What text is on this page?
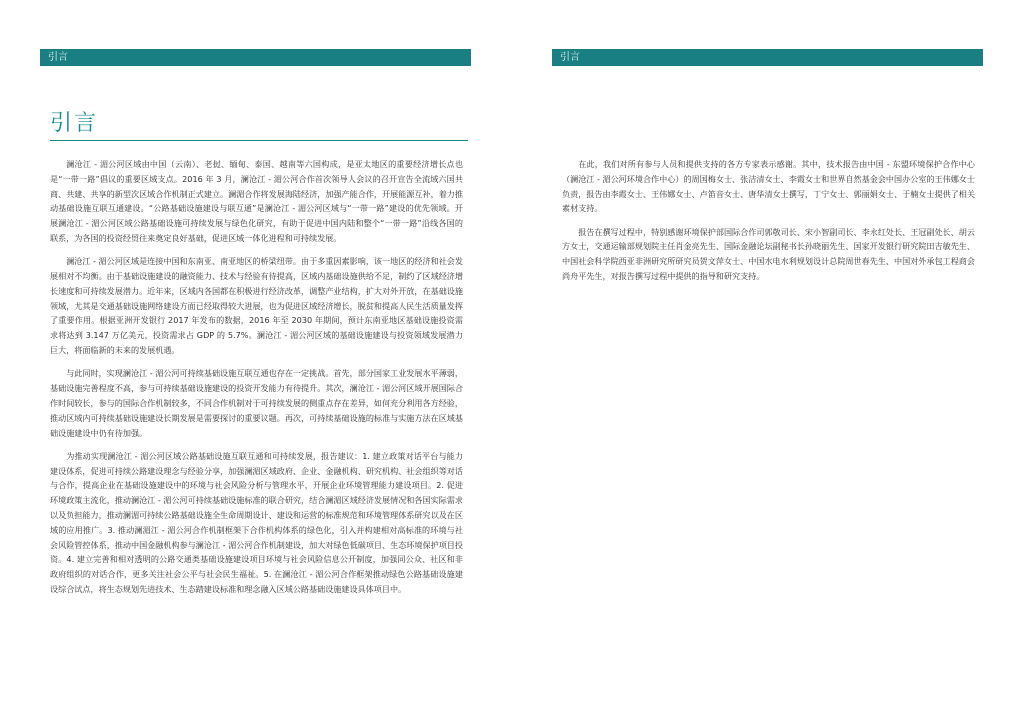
引言
引言

澜沧江 - 湄公河区域由中国（云南）、老挝、缅甸、泰国、越南等六国构成，是亚太地区的重要经济增长点也是“一带一路”倡议的重要区域支点。2016 年 3 月，澜沧江 - 湄公河合作首次领导人会议的召开宣告全流域六国共商、共建、共享的新型次区域合作机制正式建立。澜湄合作将发展海陆经济，加强产能合作，开展能源互补，着力推动基础设施互联互通建设。“公路基础设施建设与联互通”是澜沧江 - 湄公河区域与“一带一路”建设的优先领域。开展澜沧江 - 湄公河区域公路基础设施可持续发展与绿色化研究，有助于促进中国内陆和整个“一带一路”沿线各国的联系，为各国的投资经贸往来奠定良好基础，促进区域一体化进程和可持续发展。

澜沧江 - 湄公河区域是连接中国和东南亚、南亚地区的桥梁纽带。由于多重因素影响，该一地区的经济和社会发展相对不均衡。由于基础设施建设的融资能力、技术与经验有待提高，区域内基础设施供给不足，制约了区域经济增长速度和可持续发展潜力。近年来，区域内各国都在积极进行经济改革，调整产业结构，扩大对外开放，在基础设施领域，尤其是交通基础设施网络建设方面已经取得较大进展，也为促进区域经济增长，脱贫和提高人民生活质量发挥了重要作用。根据亚洲开发银行 2017 年发布的数据，2016 年至 2030 年期间，预计东南亚地区基础设施投资需求将达到 3.147 万亿美元，投资需求占 GDP 的 5.7%。澜沧江 - 湄公河区域的基础设施建设与投资领域发展潜力巨大，将面临新的未来的发展机遇。

与此同时，实现澜沧江 - 湄公河可持续基础设施互联互通也存在一定挑战。首先，部分国家工业发展水平薄弱，基础设施完善程度不高，参与可持续基础设施建设的投资开发能力有待提升。其次，澜沧江 - 湄公河区域开展国际合作时间较长，参与的国际合作机制较多，不同合作机制对于可持续发展的侧重点存在差异，如何充分利用各方经验，推动区域内可持续基础设施建设长期发展是需要探讨的重要议题。再次，可持续基础设施的标准与实施方法在区域基础设施建设中仍有待加强。

为推动实现澜沧江 - 湄公河区域公路基础设施互联互通和可持续发展，报告建议：1. 建立政策对话平台与能力建设体系，促进可持续公路建设理念与经验分享，加强澜湄区域政府、企业、金融机构、研究机构、社会组织等对话与合作，提高企业在基础设施建设中的环境与社会风险分析与管理水平，开展企业环境管理能力建设项目。2. 促进环境政策主流化，推动澜沧江 - 湄公河可持续基础设施标准的联合研究，结合澜湄区域经济发展情况和各国实际需求以及负担能力，推动澜湄可持续公路基础设施全生命周期设计、建设和运营的标准规范和环境管理体系研究以及在区域的应用推广。3. 推动澜湄江 - 湄公河合作机制框架下合作机构体系的绿色化，引入并构建相对高标准的环境与社会风险管控体系，推动中国金融机构参与澜沧江 - 湄公河合作机制建设，加大对绿色低碳项目、生态环境保护项目投资。4. 建立完善和相对透明的公路交通类基础设施建设项目环境与社会风险信息公开制度，加强同公众、社区和非政府组织的对话合作，更多关注社会公平与社会民生福祉。5. 在澜沧江 - 湄公河合作框架推动绿色公路基础设施建设综合试点，将生态规划先进技术、生态踏建设标准和理念融入区域公路基础设施建设具体项目中。

引言

在此，我们对所有参与人员和提供支持的各方专家表示感谢。其中，技术报告由中国 - 东盟环境保护合作中心（澜沧江 - 湄公河环境合作中心）的周国梅女士、张洁清女士、李霞女士和世界自然基金会中国办公室的王伟娜女士负责，报告由李霞女士、王伟娜女士、卢笛音女士、唐华清女士撰写，丁宁女士、郭丽娟女士、于楠女士提供了相关素材支持。

报告在撰写过程中，特别感谢环境保护部国际合作司郭敬司长、宋小智副司长、李永红处长、王冠副处长、胡云方女士，交通运输部规划院主任肖金亮先生、国际金融论坛副秘书长孙晓丽先生、国家开发银行研究院田吉敏先生、中国社会科学院西亚非洲研究所研究员贺文萍女士、中国水电水利规划设计总院周世春先生、中国对外承包工程商会尚舟平先生，对报告撰写过程中提供的指导和研究支持。
